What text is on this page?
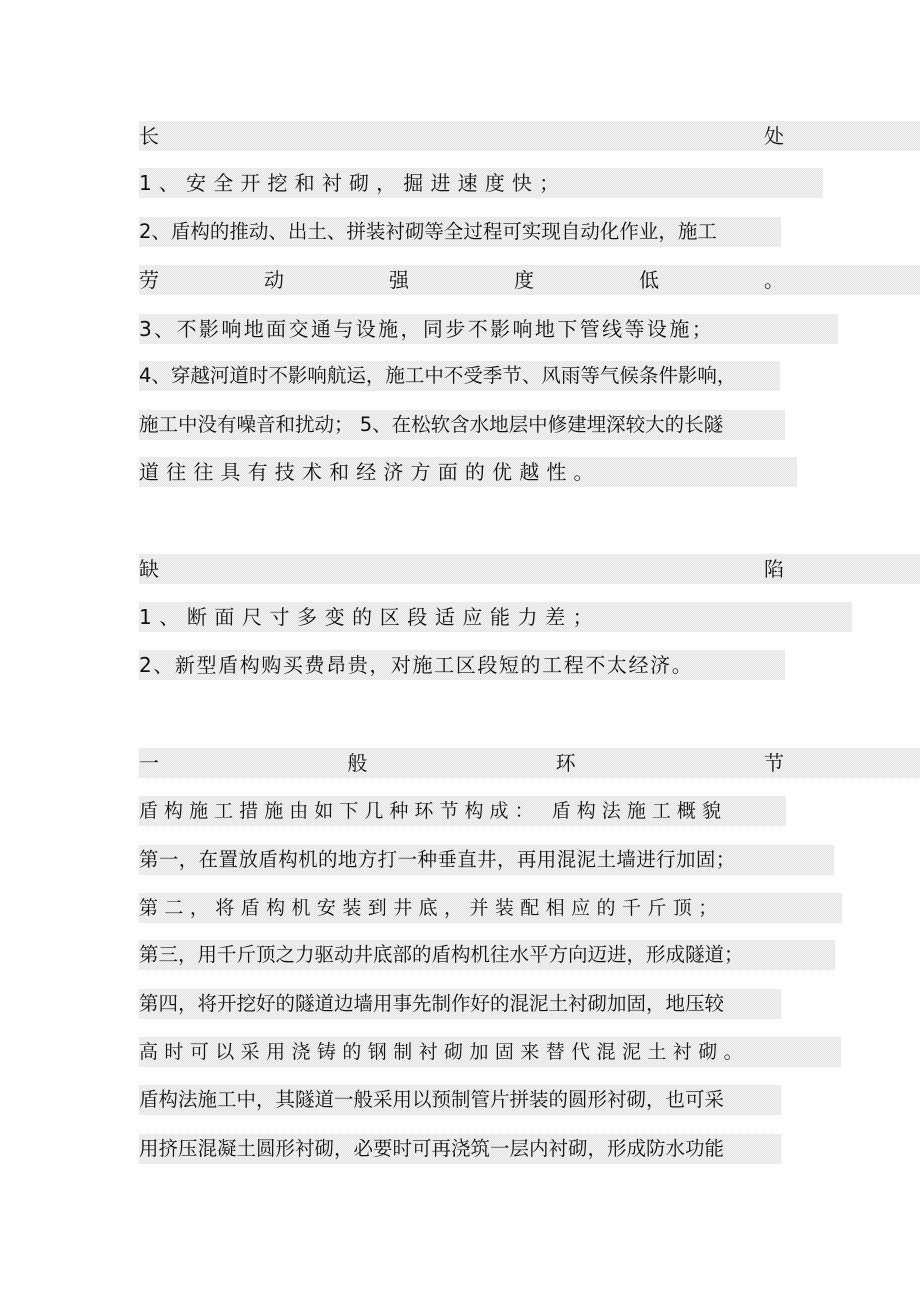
长	处
1 、 安 全 开 挖 和 衬 砌 ， 掘 进 速 度 快 ；
2、盾构的推动、出土、拼装衬砌等全过程可实现自动化作业，施工
劳	动	强	度	低	。
3、不影响地面交通与设施，同步不影响地下管线等设施；
4、穿越河道时不影响航运，施工中不受季节、风雨等气候条件影响，
施工中没有噪音和扰动； 5、在松软含水地层中修建埋深较大的长隧
道 往 往 具 有 技 术 和 经 济 方 面 的 优 越 性 。
缺	陷
1 、 断 面 尺 寸 多 变 的 区 段 适 应 能 力 差 ；
2、新型盾构购买费昂贵，对施工区段短的工程不太经济。
一	般	环	节
盾 构 施 工 措 施 由 如 下 几 种 环 节 构 成 ：   盾 构 法 施 工 概 貌
第一，在置放盾构机的地方打一种垂直井，再用混泥土墙进行加固；
第 二 ， 将 盾 构 机 安 装 到 井 底 ， 并 装 配 相 应 的 千 斤 顶 ；
第三，用千斤顶之力驱动井底部的盾构机往水平方向迈进，形成隧道；
第四，将开挖好的隧道边墙用事先制作好的混泥土衬砌加固，地压较
高 时 可 以 采 用 浇 铸 的 钢 制 衬 砌 加 固 来 替 代 混 泥 土 衬 砌 。
盾构法施工中，其隧道一般采用以预制管片拼装的圆形衬砌，也可采
用挤压混凝土圆形衬砌，必要时可再浇筑一层内衬砌，形成防水功能
